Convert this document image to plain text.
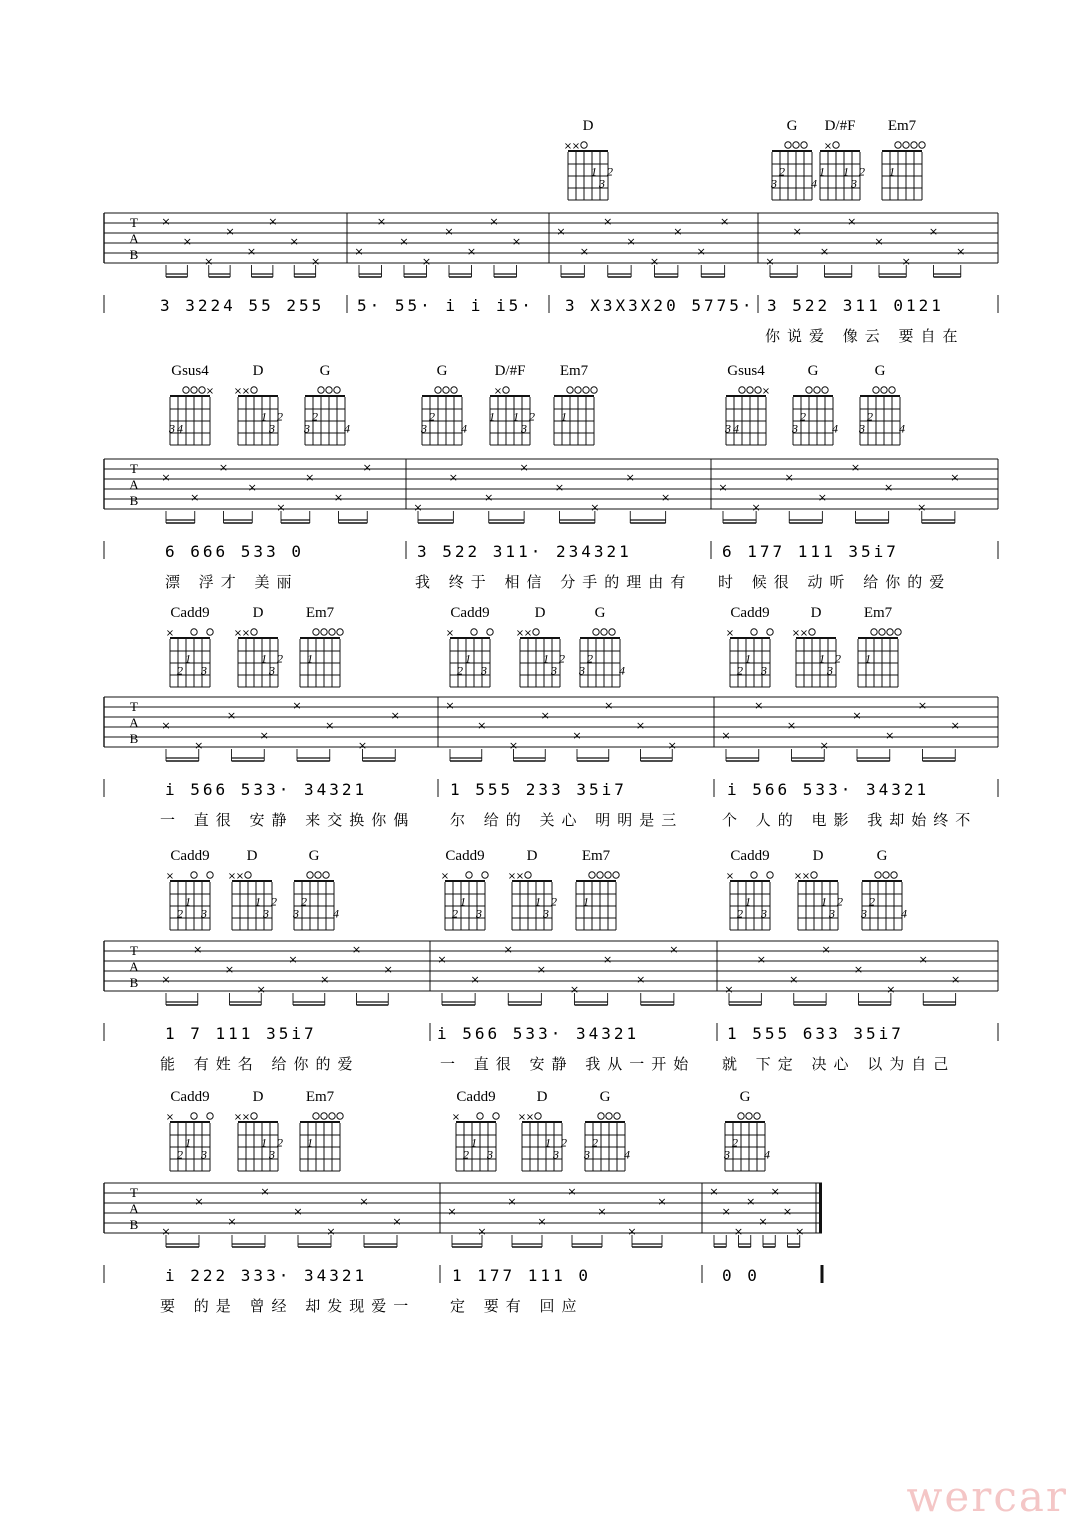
D
× ×
1 2
3
G
2
3	4
D/#F
×
1 1 2
3
Em7
1
T
A
B
×
×
×
×
×
×
×
×
×
×
×
×
×
×
×
×
×
×
×
×
×
×
×
×
×
×
×
×
×
×
×
×
3 3224 55 255 5· 55· i i i5· 3 X3X3X20 5775· 3 522 311 0121
你说爱 像云 要自在
Gsus4
×
3 4
D
× ×
1 2
3
G
2
3	4
G
2
3	4
D/#F
×
1 1 2
3
Em7
1
Gsus4
×
3 4
G
2
3	4
G
2
3	4
T
A
B
×
×
×
×
×
×
×
×
×
×
×
×
×
×
×
×
×
×
×
×
×
×
×
×
6 666 533 0	3 522 311· 234321	6 177 111 35i7
漂 浮才 美丽	我 终于 相信 分手的理由有 时 候很 动听 给你的爱
Cadd9
×
2
1
3
D
× ×
1 2
3
Em7
1
Cadd9
×
2
1
3
D
× ×
1 2
3
G
2
3	4
Cadd9
×
2
1
3
D
× ×
1 2
3
Em7
1
T
A
B
×
×
×
×
×
×
×
×
×
×
×
×
×
×
×
×
×
×
×
×
×
×
×
×
i 566 533· 34321	1 555 233 35i7	i 566 533· 34321
一 直很 安静 来交换你偶 尔 给的 关心 明明是三	个 人的 电影 我却始终不
Cadd9
×
2
1
3
D
× ×
1 2
3
G
2
3	4
Cadd9
×
2
1
3
D
× ×
1 2
3
Em7
1
Cadd9
×
2
1
3
D
× ×
1 2
3
G
2
3	4
T
A
B ×
×
×
×
×
×
×
×
×
×
×
×
×
×
×
×
×
×
×
×
×
×
×
×
1 7 111 35i7	i 566 533· 34321	1 555 633 35i7
能 有姓名 给你的爱	一 直很 安静 我从一开始 就 下定 决心 以为自己
Cadd9
×
2
1
3
D
× ×
1 2
3
Em7
1
Cadd9
×
2
1
3
D
× ×
1 2
3
G
2
3	4
G
2
3	4
T
A
B ×
×
×
×
×
×
×
×
×
×
×
×
×
×
×
×
×
×
×
×
×
×
×
×
i 222 333· 34321	1 177 111 0	0 0
要 的是 曾经 却发现爱一 定 要有 回应
wercar
